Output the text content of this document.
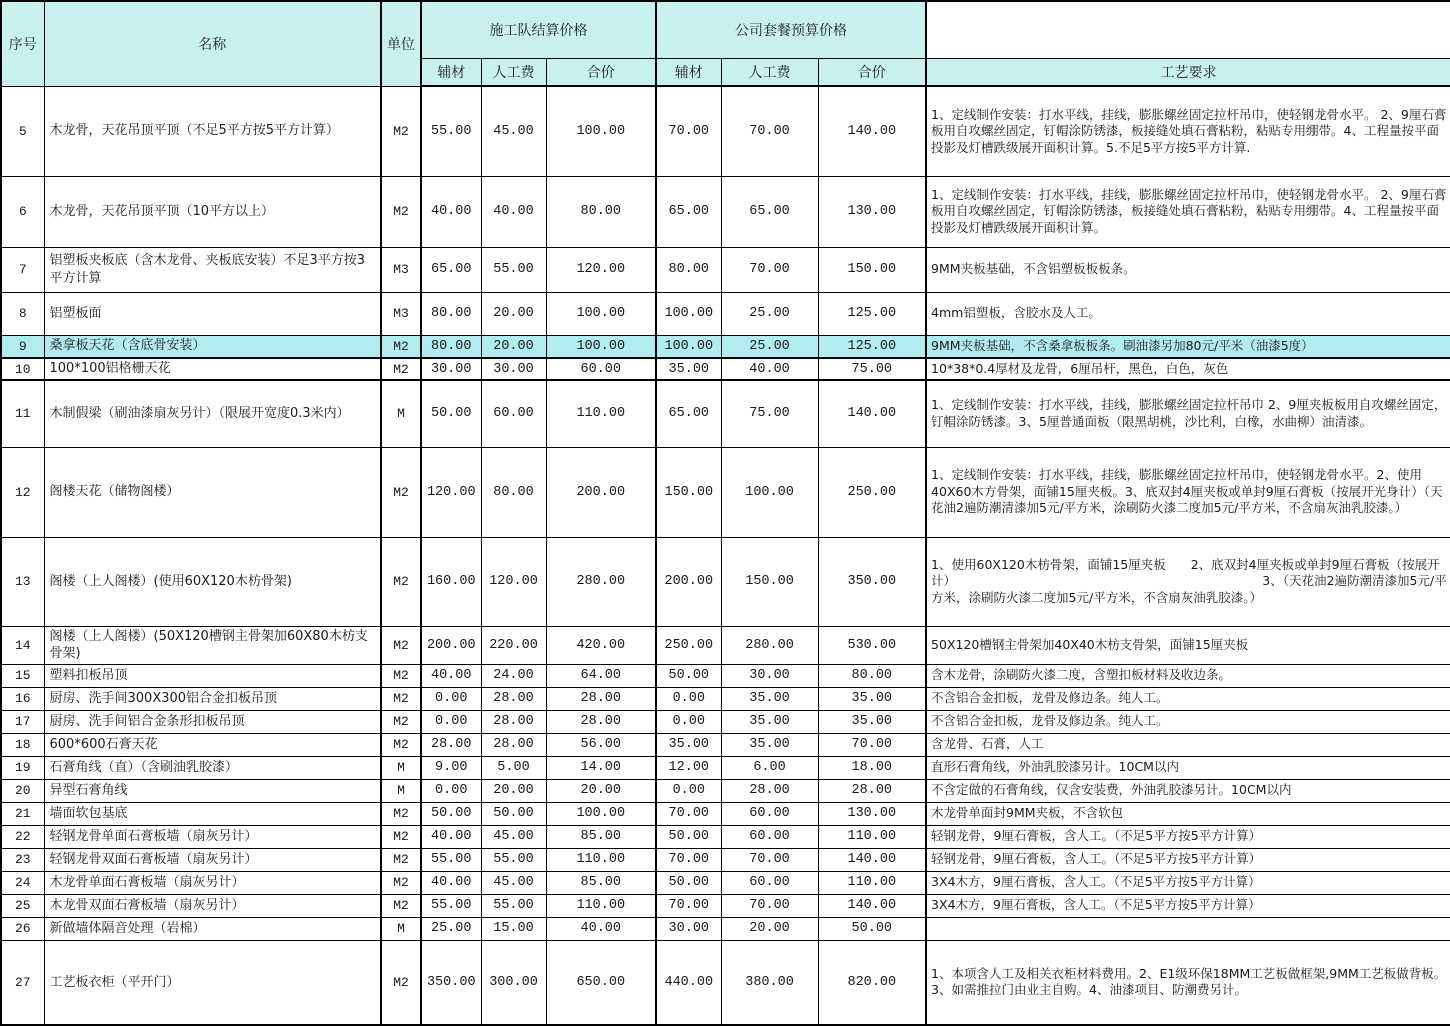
序号	名称	单位	施工队结算价格			公司套餐预算价格			
			辅材	人工费	合价	辅材	人工费	合价	工艺要求
5	木龙骨，天花吊顶平顶（不足5平方按5平方计算）	M2	55.00	45.00	100.00	70.00	70.00	140.00	1、定线制作安装：打水平线，挂线，膨胀螺丝固定拉杆吊巾，使轻钢龙骨水平。 2、9厘石膏板用自攻螺丝固定，钉帽涂防锈漆，板接缝处填石膏粘粉，粘贴专用绷带。4、工程量按平面投影及灯槽跌级展开面积计算。5.不足5平方按5平方计算.
6	木龙骨，天花吊顶平顶（10平方以上）	M2	40.00	40.00	80.00	65.00	65.00	130.00	1、定线制作安装：打水平线，挂线，膨胀螺丝固定拉杆吊巾，使轻钢龙骨水平。 2、9厘石膏板用自攻螺丝固定，钉帽涂防锈漆，板接缝处填石膏粘粉，粘贴专用绷带。4、工程量按平面投影及灯槽跌级展开面积计算。
7	铝塑板夹板底（含木龙骨、夹板底安装）不足3平方按3平方计算	M3	65.00	55.00	120.00	80.00	70.00	150.00	9MM夹板基础，不含铝塑板板板条。
8	铝塑板面	M3	80.00	20.00	100.00	100.00	25.00	125.00	4mm铝塑板，含胶水及人工。
9	桑拿板天花（含底骨安装）	M2	80.00	20.00	100.00	100.00	25.00	125.00	9MM夹板基础，不含桑拿板板条。刷油漆另加80元/平米（油漆5度）
10	100*100铝格栅天花	M2	30.00	30.00	60.00	35.00	40.00	75.00	10*38*0.4厚材及龙骨，6厘吊杆，黑色，白色，灰色
11	木制假梁（刷油漆扇灰另计）（限展开宽度0.3米内）	M	50.00	60.00	110.00	65.00	75.00	140.00	1、定线制作安装：打水平线，挂线，膨胀螺丝固定拉杆吊巾 2、9厘夹板板用自攻螺丝固定，钉帽涂防锈漆。3、5厘普通面板（限黑胡桃，沙比利，白橡，水曲柳）油清漆。
12	阁楼天花（储物阁楼）	M2	120.00	80.00	200.00	150.00	100.00	250.00	1、定线制作安装：打水平线，挂线，膨胀螺丝固定拉杆吊巾，使轻钢龙骨水平。2、使用40X60木方骨架，面铺15厘夹板。3、底双封4厘夹板或单封9厘石膏板（按展开光身计）（天花油2遍防潮清漆加5元/平方米，涂刷防火漆二度加5元/平方米，不含扇灰油乳胶漆。）
13	阁楼（上人阁楼）(使用60X120木枋骨架)	M2	160.00	120.00	280.00	200.00	150.00	350.00	1、使用60X120木枋骨架，面铺15厘夹板　　2、底双封4厘夹板或单封9厘石膏板（按展开计）　　　　　　　　　　　　　　　　　　　　　　　　　3、（天花油2遍防潮清漆加5元/平方米，涂刷防火漆二度加5元/平方米，不含扇灰油乳胶漆。）
14	阁楼（上人阁楼）(50X120槽钢主骨架加60X80木枋支骨架)	M2	200.00	220.00	420.00	250.00	280.00	530.00	50X120槽钢主骨架加40X40木枋支骨架，面铺15厘夹板
15	塑料扣板吊顶	M2	40.00	24.00	64.00	50.00	30.00	80.00	含木龙骨，涂刷防火漆二度，含塑扣板材料及收边条。
16	厨房、洗手间300X300铝合金扣板吊顶	M2	0.00	28.00	28.00	0.00	35.00	35.00	不含铝合金扣板，龙骨及修边条。纯人工。
17	厨房、洗手间铝合金条形扣板吊顶	M2	0.00	28.00	28.00	0.00	35.00	35.00	不含铝合金扣板，龙骨及修边条。纯人工。
18	600*600石膏天花	M2	28.00	28.00	56.00	35.00	35.00	70.00	含龙骨、石膏，人工
19	石膏角线（直）（含刷油乳胶漆）	M	9.00	5.00	14.00	12.00	6.00	18.00	直形石膏角线，外油乳胶漆另计。10CM以内
20	异型石膏角线	M	0.00	20.00	20.00	0.00	28.00	28.00	不含定做的石膏角线，仅含安装费，外油乳胶漆另计。10CM以内
21	墙面软包基底	M2	50.00	50.00	100.00	70.00	60.00	130.00	木龙骨单面封9MM夹板，不含软包
22	轻钢龙骨单面石膏板墙（扇灰另计）	M2	40.00	45.00	85.00	50.00	60.00	110.00	轻钢龙骨，9厘石膏板，含人工。（不足5平方按5平方计算）
23	轻钢龙骨双面石膏板墙（扇灰另计）	M2	55.00	55.00	110.00	70.00	70.00	140.00	轻钢龙骨，9厘石膏板，含人工。（不足5平方按5平方计算）
24	木龙骨单面石膏板墙（扇灰另计）	M2	40.00	45.00	85.00	50.00	60.00	110.00	3X4木方，9厘石膏板，含人工。（不足5平方按5平方计算）
25	木龙骨双面石膏板墙（扇灰另计）	M2	55.00	55.00	110.00	70.00	70.00	140.00	3X4木方，9厘石膏板，含人工。（不足5平方按5平方计算）
26	新做墙体隔音处理（岩棉）	M	25.00	15.00	40.00	30.00	20.00	50.00	
27	工艺板衣柜（平开门）	M2	350.00	300.00	650.00	440.00	380.00	820.00	1、本项含人工及相关衣柜材料费用。2、E1级环保18MM工艺板做框架,9MM工艺板做背板。3、如需推拉门由业主自购。4、油漆项目、防潮费另计。
